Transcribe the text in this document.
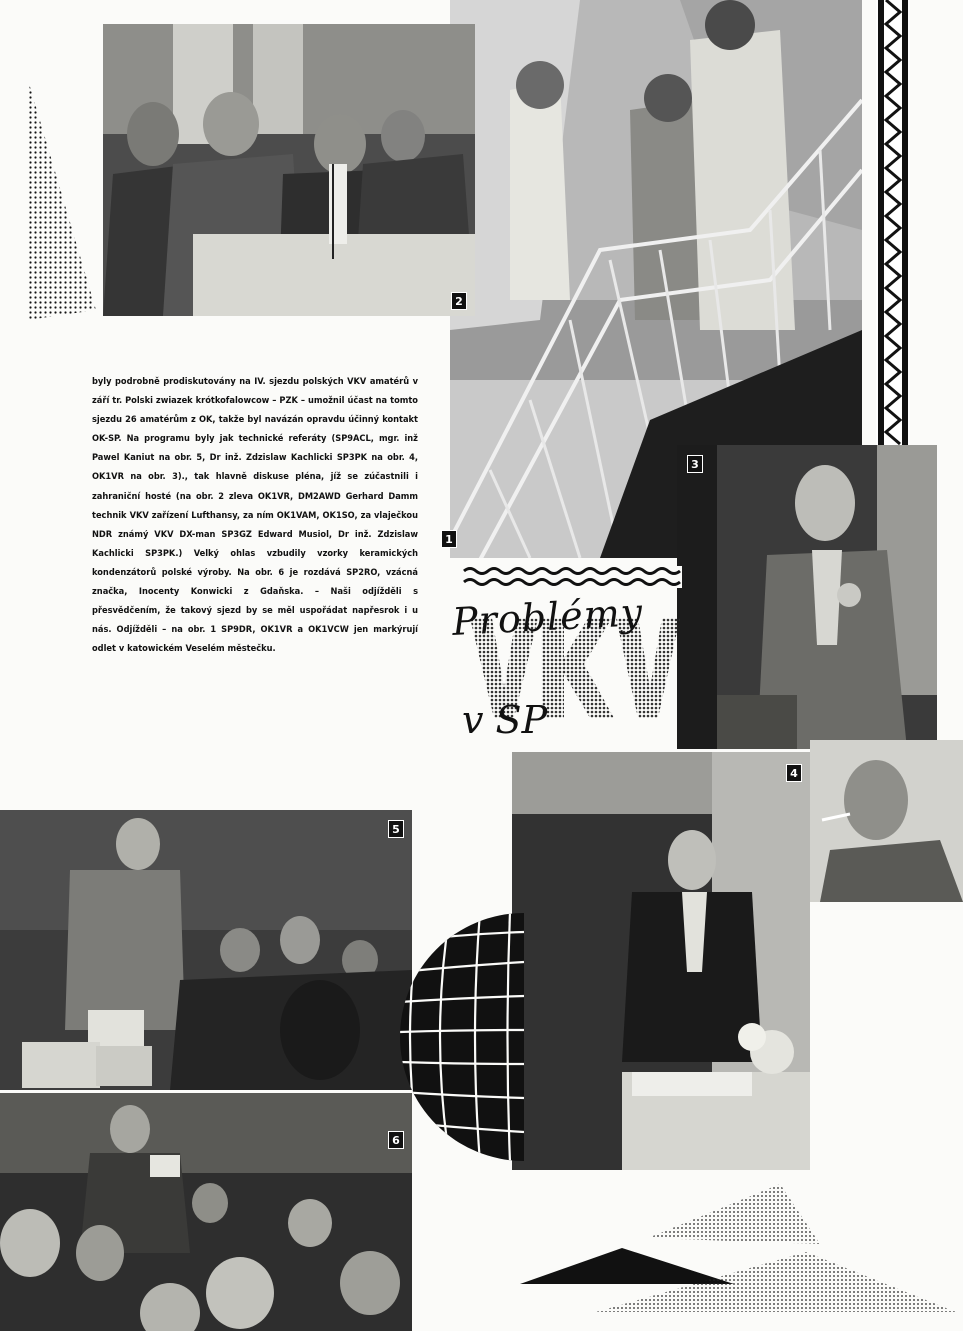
1
2
3
4
5
6
Problémy
v SP

byly podrobně prodiskutovány na IV. sjezdu polských VKV amatérů v září tr. Polski zwiazek krótkofalowcow – PZK – umožnil účast na tomto sjezdu 26 amatérům z OK, takže byl navázán opravdu účinný kontakt OK-SP. Na programu byly jak technické referáty (SP9ACL, mgr. inž Pawel Kaniut na obr. 5, Dr inž. Zdzislaw Kachlicki SP3PK na obr. 4, OK1VR na obr. 3)., tak hlavně diskuse pléna, jíž se zúčastnili i zahraniční hosté (na obr. 2 zleva OK1VR, DM2AWD Gerhard Damm technik VKV zařízení Lufthansy, za ním OK1VAM, OK1SO, za vlaječkou NDR známý VKV DX-man SP3GZ Edward Musiol, Dr inž. Zdzislaw Kachlicki SP3PK.) Velký ohlas vzbudily vzorky keramických kondenzátorů polské výroby. Na obr. 6 je rozdává SP2RO, vzácná značka, Inocenty Konwicki z Gdaňska. – Naši odjížděli s přesvědčením, že takový sjezd by se měl uspořádat napřesrok i u nás. Odjížděli – na obr. 1 SP9DR, OK1VR a OK1VCW jen markýrují odlet v katowickém Veselém městečku.
